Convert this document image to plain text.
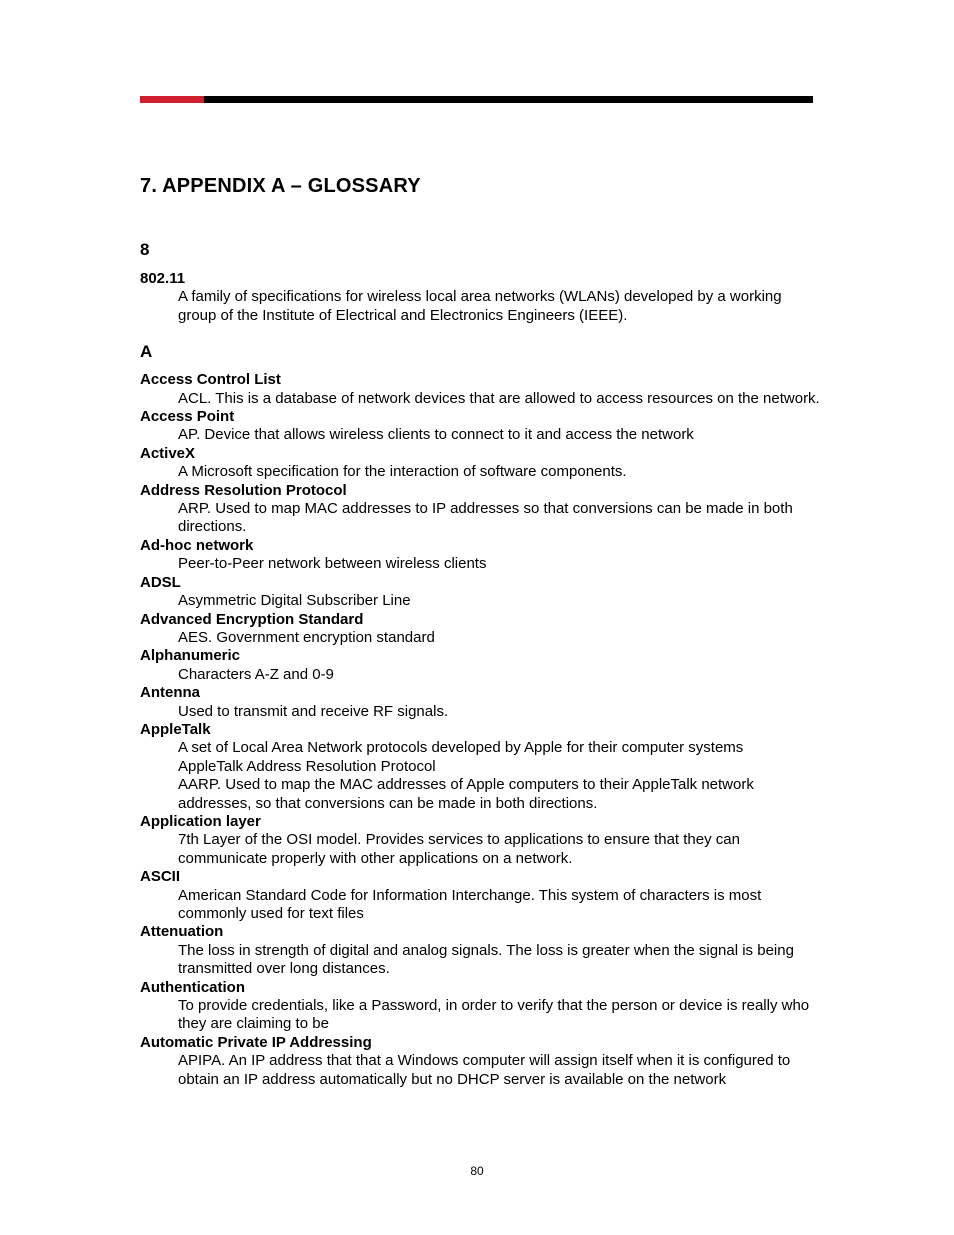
7. APPENDIX A – GLOSSARY
8
802.11
A family of specifications for wireless local area networks (WLANs) developed by a working group of the Institute of Electrical and Electronics Engineers (IEEE).
A
Access Control List
ACL. This is a database of network devices that are allowed to access resources on the network.
Access Point
AP. Device that allows wireless clients to connect to it and access the network
ActiveX
A Microsoft specification for the interaction of software components.
Address Resolution Protocol
ARP. Used to map MAC addresses to IP addresses so that conversions can be made in both directions.
Ad-hoc network
Peer-to-Peer network between wireless clients
ADSL
Asymmetric Digital Subscriber Line
Advanced Encryption Standard
AES. Government encryption standard
Alphanumeric
Characters A-Z and 0-9
Antenna
Used to transmit and receive RF signals.
AppleTalk
A set of Local Area Network protocols developed by Apple for their computer systems
AppleTalk Address Resolution Protocol
AARP. Used to map the MAC addresses of Apple computers to their AppleTalk network addresses, so that conversions can be made in both directions.
Application layer
7th Layer of the OSI model. Provides services to applications to ensure that they can communicate properly with other applications on a network.
ASCII
American Standard Code for Information Interchange. This system of characters is most commonly used for text files
Attenuation
The loss in strength of digital and analog signals. The loss is greater when the signal is being transmitted over long distances.
Authentication
To provide credentials, like a Password, in order to verify that the person or device is really who they are claiming to be
Automatic Private IP Addressing
APIPA. An IP address that that a Windows computer will assign itself when it is configured to obtain an IP address automatically but no DHCP server is available on the network
80
